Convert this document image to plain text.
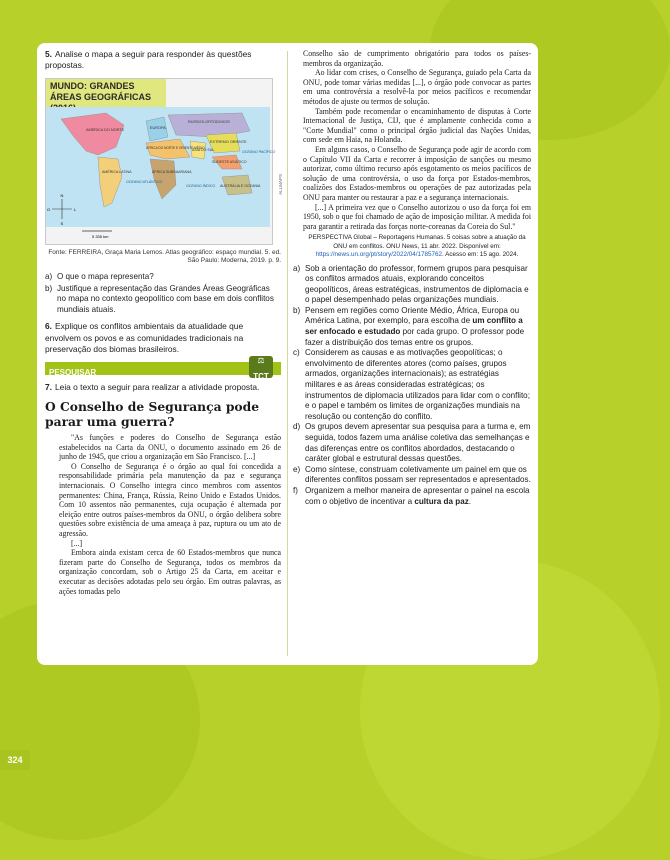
5. Analise o mapa a seguir para responder às questões propostas.

MUNDO: GRANDES ÁREAS GEOGRÁFICAS
AMÉRICA DO NORTE	EUROPA
RUSSOS-ORTODOXOS
EXTREMO ORIENTE
ÁFRICA DO NORTE E ORIENTE MÉDIO
ÁSIA DO SUL
SUDESTE ASIÁTICO
ÁFRICA SUBSAARIANA
AMÉRICA LATINA
AUSTRÁLIA E OCEANIA
OCEANO ATLÂNTICO
OCEANO PACÍFICO
OCEANO ÍNDICO
N
S
L
O
5 335 km
ALLMAPS
Fonte: FERREIRA, Graça Maria Lemos. Atlas geográfico: espaço mundial. 5. ed. São Paulo: Moderna, 2019. p. 9.
a) O que o mapa representa?
b) Justifique a representação das Grandes Áreas Geográficas no mapa no contexto geopolítico com base em dois conflitos mundiais atuais.

6. Explique os conflitos ambientais da atualidade que envolvem os povos e as comunidades tradicionais na preservação dos biomas brasileiros.

PESQUISAR
⚖
TCT

7. Leia o texto a seguir para realizar a atividade proposta.

O Conselho de Segurança pode parar uma guerra?

"As funções e poderes do Conselho de Segurança estão estabelecidos na Carta da ONU, o documento assinado em 26 de junho de 1945, que criou a organização em São Francisco. [...]

O Conselho de Segurança é o órgão ao qual foi concedida a responsabilidade primária pela manutenção da paz e segurança internacionais. O Conselho integra cinco membros com assentos permanentes: China, França, Rússia, Reino Unido e Estados Unidos. Com 10 assentos não permanentes, cuja ocupação é alternada por eleição entre outros países-membros da ONU, o órgão delibera sobre questões sobre existência de uma ameaça à paz, ruptura ou um ato de agressão.

[...]

Embora ainda existam cerca de 60 Estados-membros que nunca fizeram parte do Conselho de Segurança, todos os membros da organização concordam, sob o Artigo 25 da Carta, em aceitar e executar as decisões adotadas pelo seu órgão. Em outras palavras, as ações tomadas pelo

Conselho são de cumprimento obrigatório para todos os países-membros da organização.

Ao lidar com crises, o Conselho de Segurança, guiado pela Carta da ONU, pode tomar várias medidas [...], o órgão pode convocar as partes em uma controvérsia a resolvê-la por meios pacíficos e recomendar métodos de ajuste ou termos de solução.

Também pode recomendar o encaminhamento de disputas à Corte Internacional de Justiça, CIJ, que é amplamente conhecida como a "Corte Mundial" como o principal órgão judicial das Nações Unidas, com sede em Haia, na Holanda.

Em alguns casos, o Conselho de Segurança pode agir de acordo com o Capítulo VII da Carta e recorrer à imposição de sanções ou mesmo autorizar, como último recurso após esgotamento os meios pacíficos de solução de uma controvérsia, o uso da força por Estados-membros, coalizões dos Estados-membros ou operações de paz autorizadas pela ONU para manter ou restaurar a paz e a segurança internacionais.

[...] A primeira vez que o Conselho autorizou o uso da força foi em 1950, sob o que foi chamado de ação de imposição militar. A medida foi para garantir a retirada das forças norte-coreanas da Coreia do Sul."

PERSPECTIVA Global – Reportagens Humanas. 5 coisas sobre a atuação da ONU em conflitos. ONU News, 11 abr. 2022. Disponível em: https://news.un.org/pt/story/2022/04/1785762. Acesso em: 15 ago. 2024.
a) Sob a orientação do professor, formem grupos para pesquisar os conflitos armados atuais, explorando conceitos geopolíticos, áreas estratégicas, instrumentos de diplomacia e o papel desempenhado pelas organizações mundiais.
b) Pensem em regiões como Oriente Médio, África, Europa ou América Latina, por exemplo, para escolha de um conflito a ser enfocado e estudado por cada grupo. O professor pode fazer a distribuição dos temas entre os grupos.
c) Considerem as causas e as motivações geopolíticas; o envolvimento de diferentes atores (como países, grupos armados, organizações internacionais); as estratégias militares e as áreas consideradas estratégicas; os instrumentos de diplomacia utilizados para lidar com o conflito; e o papel e também os limites de organizações mundiais na resolução ou contenção do conflito.
d) Os grupos devem apresentar sua pesquisa para a turma e, em seguida, todos fazem uma análise coletiva das semelhanças e das diferenças entre os conflitos abordados, destacando o caráter global e estrutural dessas questões.
e) Como síntese, construam coletivamente um painel em que os diferentes conflitos possam ser representados e apresentados.
f) Organizem a melhor maneira de apresentar o painel na escola com o objetivo de incentivar a cultura da paz.
324
